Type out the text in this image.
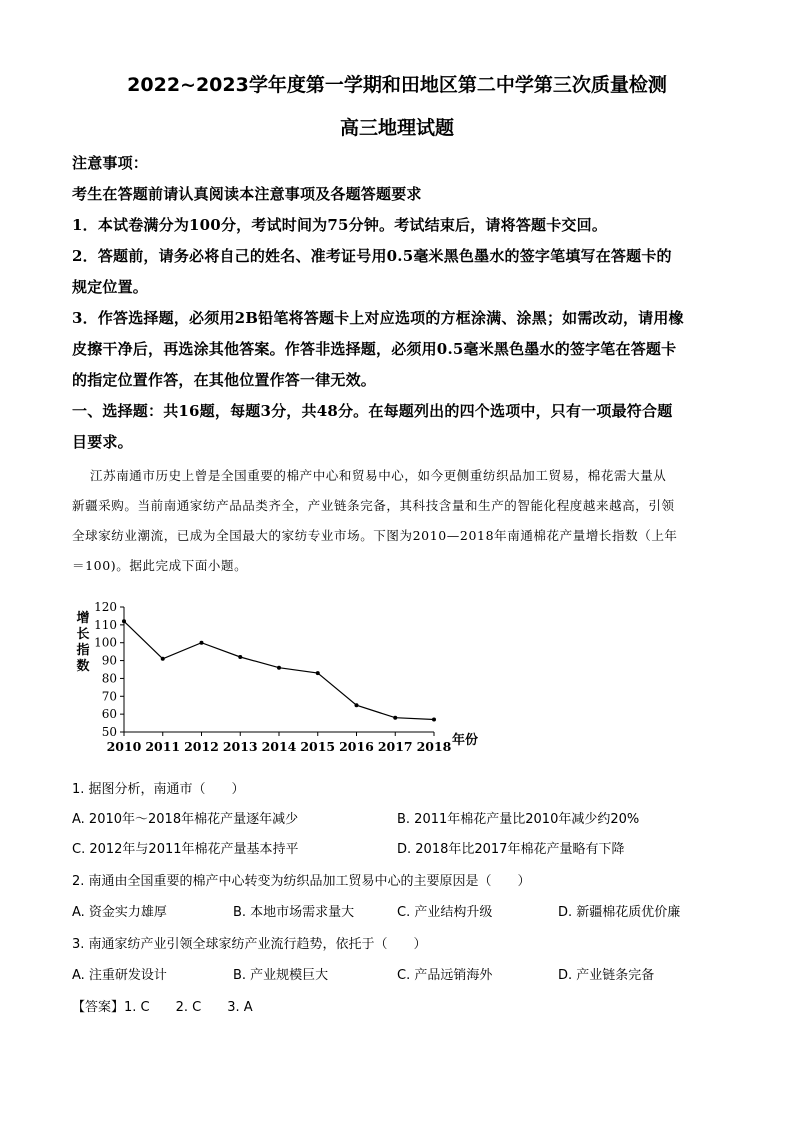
2022~2023学年度第一学期和田地区第二中学第三次质量检测
高三地理试题
注意事项：
考生在答题前请认真阅读本注意事项及各题答题要求
1．本试卷满分为100分，考试时间为75分钟。考试结束后，请将答题卡交回。
2．答题前，请务必将自己的姓名、准考证号用0.5毫米黑色墨水的签字笔填写在答题卡的
规定位置。
3．作答选择题，必须用2B铅笔将答题卡上对应选项的方框涂满、涂黑；如需改动，请用橡
皮擦干净后，再选涂其他答案。作答非选择题，必须用0.5毫米黑色墨水的签字笔在答题卡
的指定位置作答，在其他位置作答一律无效。
一、选择题：共16题，每题3分，共48分。在每题列出的四个选项中，只有一项最符合题
目要求。
江苏南通市历史上曾是全国重要的棉产中心和贸易中心，如今更侧重纺织品加工贸易，棉花需大量从
新疆采购。当前南通家纺产品品类齐全，产业链条完备，其科技含量和生产的智能化程度越来越高，引领
全球家纺业潮流，已成为全国最大的家纺专业市场。下图为2010—2018年南通棉花产量增长指数（上年
＝100)。据此完成下面小题。
50
60
70
80
90
100
110
120
2010 2011 2012 2013 2014 2015 2016 2017 2018
增
长
指
数
年份
1. 据图分析，南通市（　　）
A. 2010年～2018年棉花产量逐年减少	B. 2011年棉花产量比2010年减少约20%
C. 2012年与2011年棉花产量基本持平	D. 2018年比2017年棉花产量略有下降
2. 南通由全国重要的棉产中心转变为纺织品加工贸易中心的主要原因是（　　）
A. 资金实力雄厚	B. 本地市场需求量大	C. 产业结构升级	D. 新疆棉花质优价廉
3. 南通家纺产业引领全球家纺产业流行趋势，依托于（　　）
A. 注重研发设计	B. 产业规模巨大	C. 产品远销海外	D. 产业链条完备
【答案】1. C　　2. C　　3. A
